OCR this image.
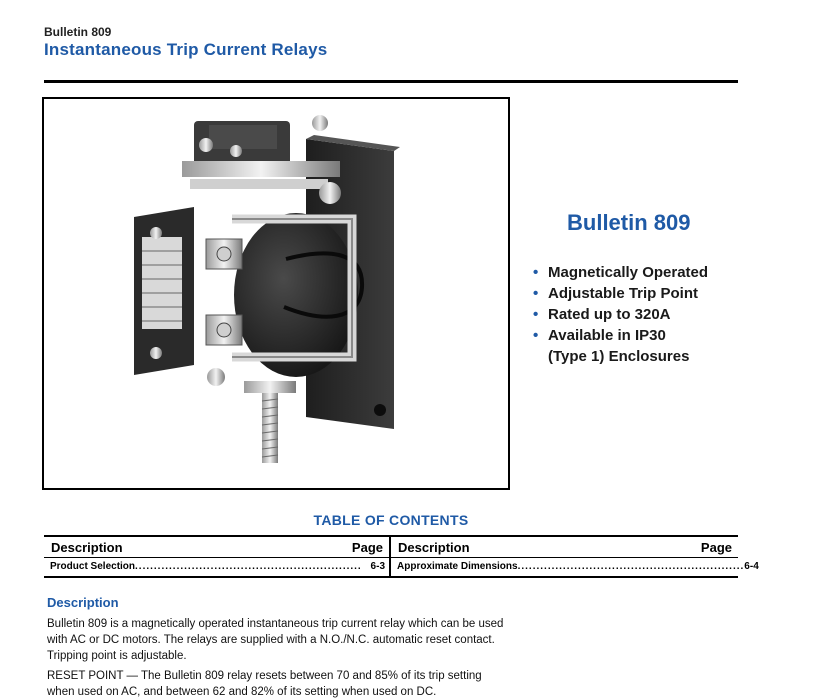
Bulletin 809
Instantaneous Trip Current Relays
Bulletin 809
• Magnetically Operated
• Adjustable Trip Point
• Rated up to 320A
• Available in IP30
(Type 1) Enclosures
TABLE OF CONTENTS
Description	Page Description	Page
Product Selection ............................................................ 6-3 Approximate Dimensions ............................................................ 6-4
Description

Bulletin 809 is a magnetically operated instantaneous trip current relay which can be used with AC or DC motors. The relays are supplied with a N.O./N.C. automatic reset contact. Tripping point is adjustable.

RESET POINT — The Bulletin 809 relay resets between 70 and 85% of its trip setting when used on AC, and between 62 and 82% of its setting when used on DC.
